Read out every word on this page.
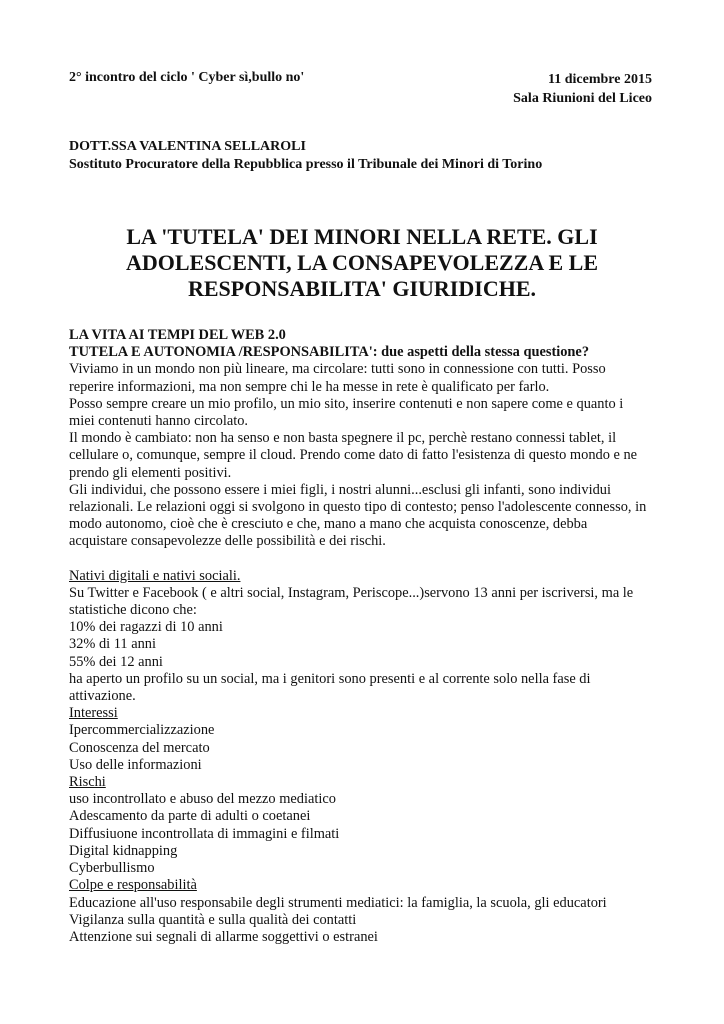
2° incontro del ciclo ' Cyber sì,bullo no'	11 dicembre 2015
Sala Riunioni del Liceo
DOTT.SSA VALENTINA SELLAROLI
Sostituto Procuratore della Repubblica presso il Tribunale dei Minori di Torino
LA 'TUTELA' DEI MINORI NELLA RETE. GLI
ADOLESCENTI, LA CONSAPEVOLEZZA E LE
RESPONSABILITA' GIURIDICHE.

LA VITA AI TEMPI DEL WEB 2.0

TUTELA E AUTONOMIA /RESPONSABILITA': due aspetti della stessa questione?

Viviamo in un mondo non più lineare, ma circolare: tutti sono in connessione con tutti. Posso

reperire informazioni, ma non sempre chi le ha messe in rete è qualificato per farlo.

Posso sempre creare un mio profilo, un mio sito, inserire contenuti e non sapere come e quanto i

miei contenuti hanno circolato.

Il mondo è cambiato: non ha senso e non basta spegnere il pc, perchè restano connessi tablet, il

cellulare o, comunque, sempre il cloud. Prendo come dato di fatto l'esistenza di questo mondo e ne

prendo gli elementi positivi.

Gli individui, che possono essere i miei figli, i nostri alunni...esclusi gli infanti, sono individui

relazionali. Le relazioni oggi si svolgono in questo tipo di contesto; penso l'adolescente connesso, in

modo autonomo, cioè che è cresciuto e che, mano a mano che acquista conoscenze, debba

acquistare consapevolezze delle possibilità e dei rischi.

Nativi digitali e nativi sociali.

Su Twitter e Facebook ( e altri social, Instagram, Periscope...)servono 13 anni per iscriversi, ma le

statistiche dicono che:

10% dei ragazzi di 10 anni

32% di 11 anni

55% dei 12 anni

ha aperto un profilo su un social, ma i genitori sono presenti e al corrente solo nella fase di

attivazione.

Interessi

Ipercommercializzazione

Conoscenza del mercato

Uso delle informazioni

Rischi

uso incontrollato e abuso del mezzo mediatico

Adescamento da parte di adulti o coetanei

Diffusiuone incontrollata di immagini e filmati

Digital kidnapping

Cyberbullismo

Colpe e responsabilità

Educazione all'uso responsabile degli strumenti mediatici: la famiglia, la scuola, gli educatori

Vigilanza sulla quantità e sulla qualità dei contatti

Attenzione sui segnali di allarme soggettivi o estranei
